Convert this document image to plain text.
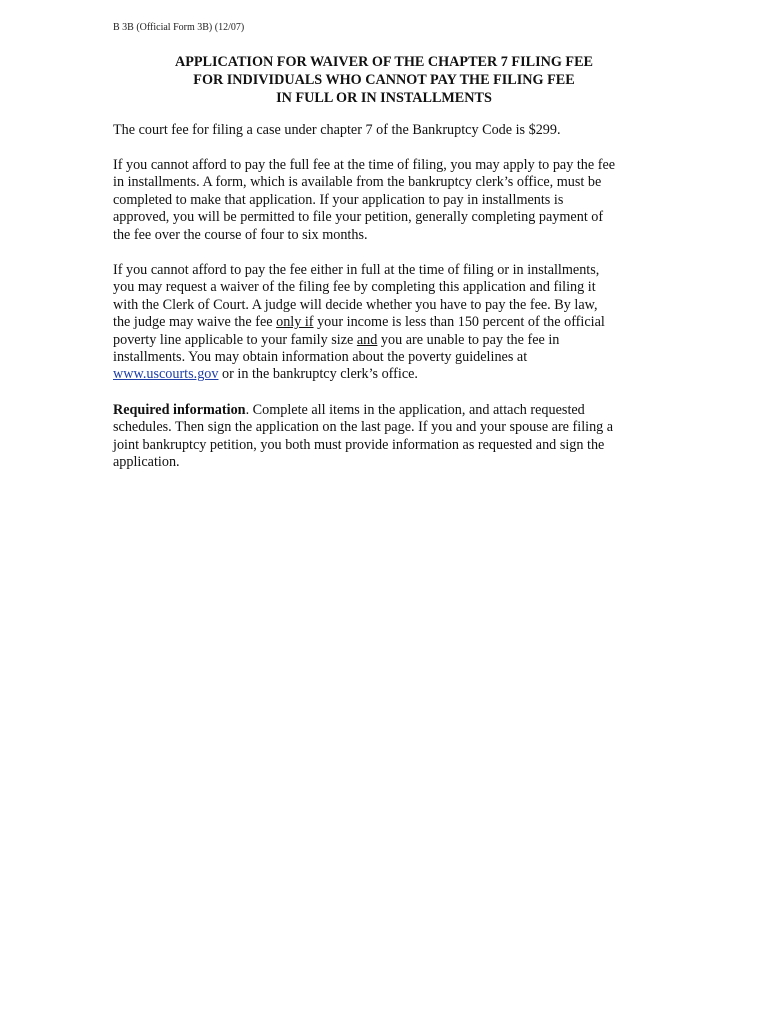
B 3B (Official Form 3B) (12/07)
APPLICATION FOR WAIVER OF THE CHAPTER 7 FILING FEE
FOR INDIVIDUALS WHO CANNOT PAY THE FILING FEE
IN FULL OR IN INSTALLMENTS

The court fee for filing a case under chapter 7 of the Bankruptcy Code is $299.

If you cannot afford to pay the full fee at the time of filing, you may apply to pay the fee
in installments. A form, which is available from the bankruptcy clerk’s office, must be
completed to make that application. If your application to pay in installments is
approved, you will be permitted to file your petition, generally completing payment of
the fee over the course of four to six months.

If you cannot afford to pay the fee either in full at the time of filing or in installments,
you may request a waiver of the filing fee by completing this application and filing it
with the Clerk of Court. A judge will decide whether you have to pay the fee. By law,
the judge may waive the fee only if your income is less than 150 percent of the official
poverty line applicable to your family size and you are unable to pay the fee in
installments. You may obtain information about the poverty guidelines at
www.uscourts.gov or in the bankruptcy clerk’s office.

Required information. Complete all items in the application, and attach requested
schedules. Then sign the application on the last page. If you and your spouse are filing a
joint bankruptcy petition, you both must provide information as requested and sign the
application.
